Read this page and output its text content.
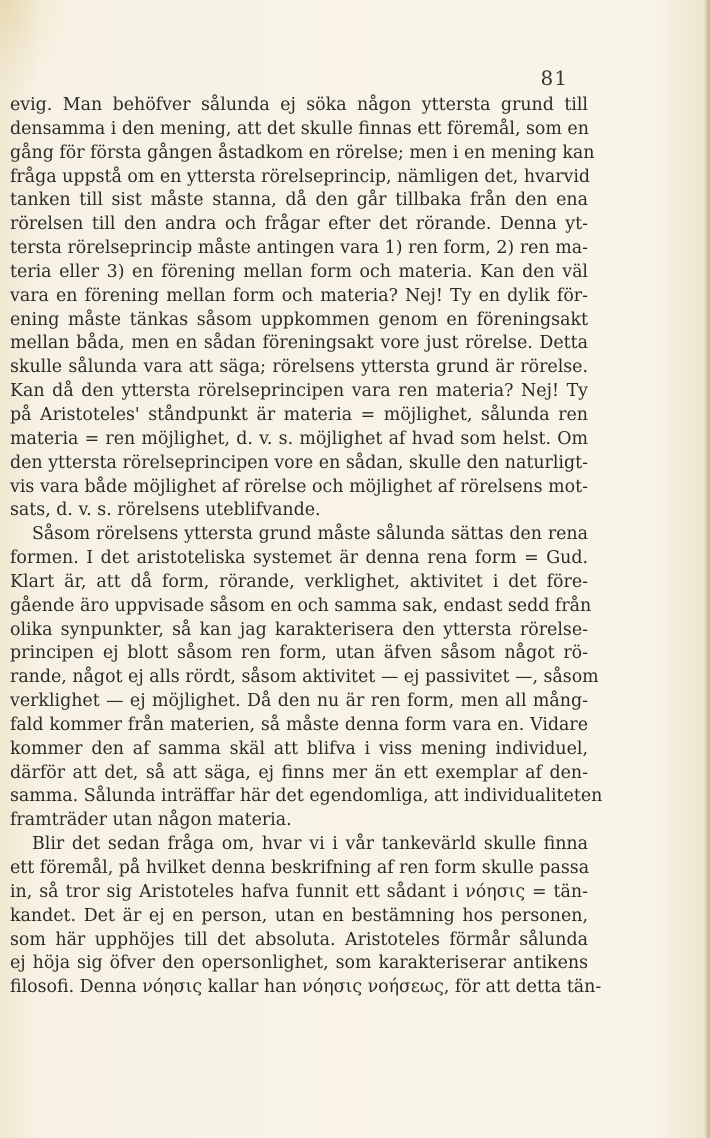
81
evig. Man behöfver sålunda ej söka någon yttersta grund till
densamma i den mening, att det skulle finnas ett föremål, som en
gång för första gången åstadkom en rörelse; men i en mening kan
fråga uppstå om en yttersta rörelseprincip, nämligen det, hvarvid
tanken till sist måste stanna, då den går tillbaka från den ena
rörelsen till den andra och frågar efter det rörande. Denna yt-
tersta rörelseprincip måste antingen vara 1) ren form, 2) ren ma-
teria eller 3) en förening mellan form och materia. Kan den väl
vara en förening mellan form och materia? Nej! Ty en dylik för-
ening måste tänkas såsom uppkommen genom en föreningsakt
mellan båda, men en sådan föreningsakt vore just rörelse. Detta
skulle sålunda vara att säga; rörelsens yttersta grund är rörelse.
Kan då den yttersta rörelseprincipen vara ren materia? Nej! Ty
på Aristoteles' ståndpunkt är materia = möjlighet, sålunda ren
materia = ren möjlighet, d. v. s. möjlighet af hvad som helst. Om
den yttersta rörelseprincipen vore en sådan, skulle den naturligt-
vis vara både möjlighet af rörelse och möjlighet af rörelsens mot-
sats, d. v. s. rörelsens uteblifvande.
Såsom rörelsens yttersta grund måste sålunda sättas den rena
formen. I det aristoteliska systemet är denna rena form = Gud.
Klart är, att då form, rörande, verklighet, aktivitet i det före-
gående äro uppvisade såsom en och samma sak, endast sedd från
olika synpunkter, så kan jag karakterisera den yttersta rörelse-
principen ej blott såsom ren form, utan äfven såsom något rö-
rande, något ej alls rördt, såsom aktivitet — ej passivitet —, såsom
verklighet — ej möjlighet. Då den nu är ren form, men all mång-
fald kommer från materien, så måste denna form vara en. Vidare
kommer den af samma skäl att blifva i viss mening individuel,
därför att det, så att säga, ej finns mer än ett exemplar af den-
samma. Sålunda inträffar här det egendomliga, att individualiteten
framträder utan någon materia.
Blir det sedan fråga om, hvar vi i vår tankevärld skulle finna
ett föremål, på hvilket denna beskrifning af ren form skulle passa
in, så tror sig Aristoteles hafva funnit ett sådant i νόησις = tän-
kandet. Det är ej en person, utan en bestämning hos personen,
som här upphöjes till det absoluta. Aristoteles förmår sålunda
ej höja sig öfver den opersonlighet, som karakteriserar antikens
filosofi. Denna νόησις kallar han νόησις νοήσεως, för att detta tän-
